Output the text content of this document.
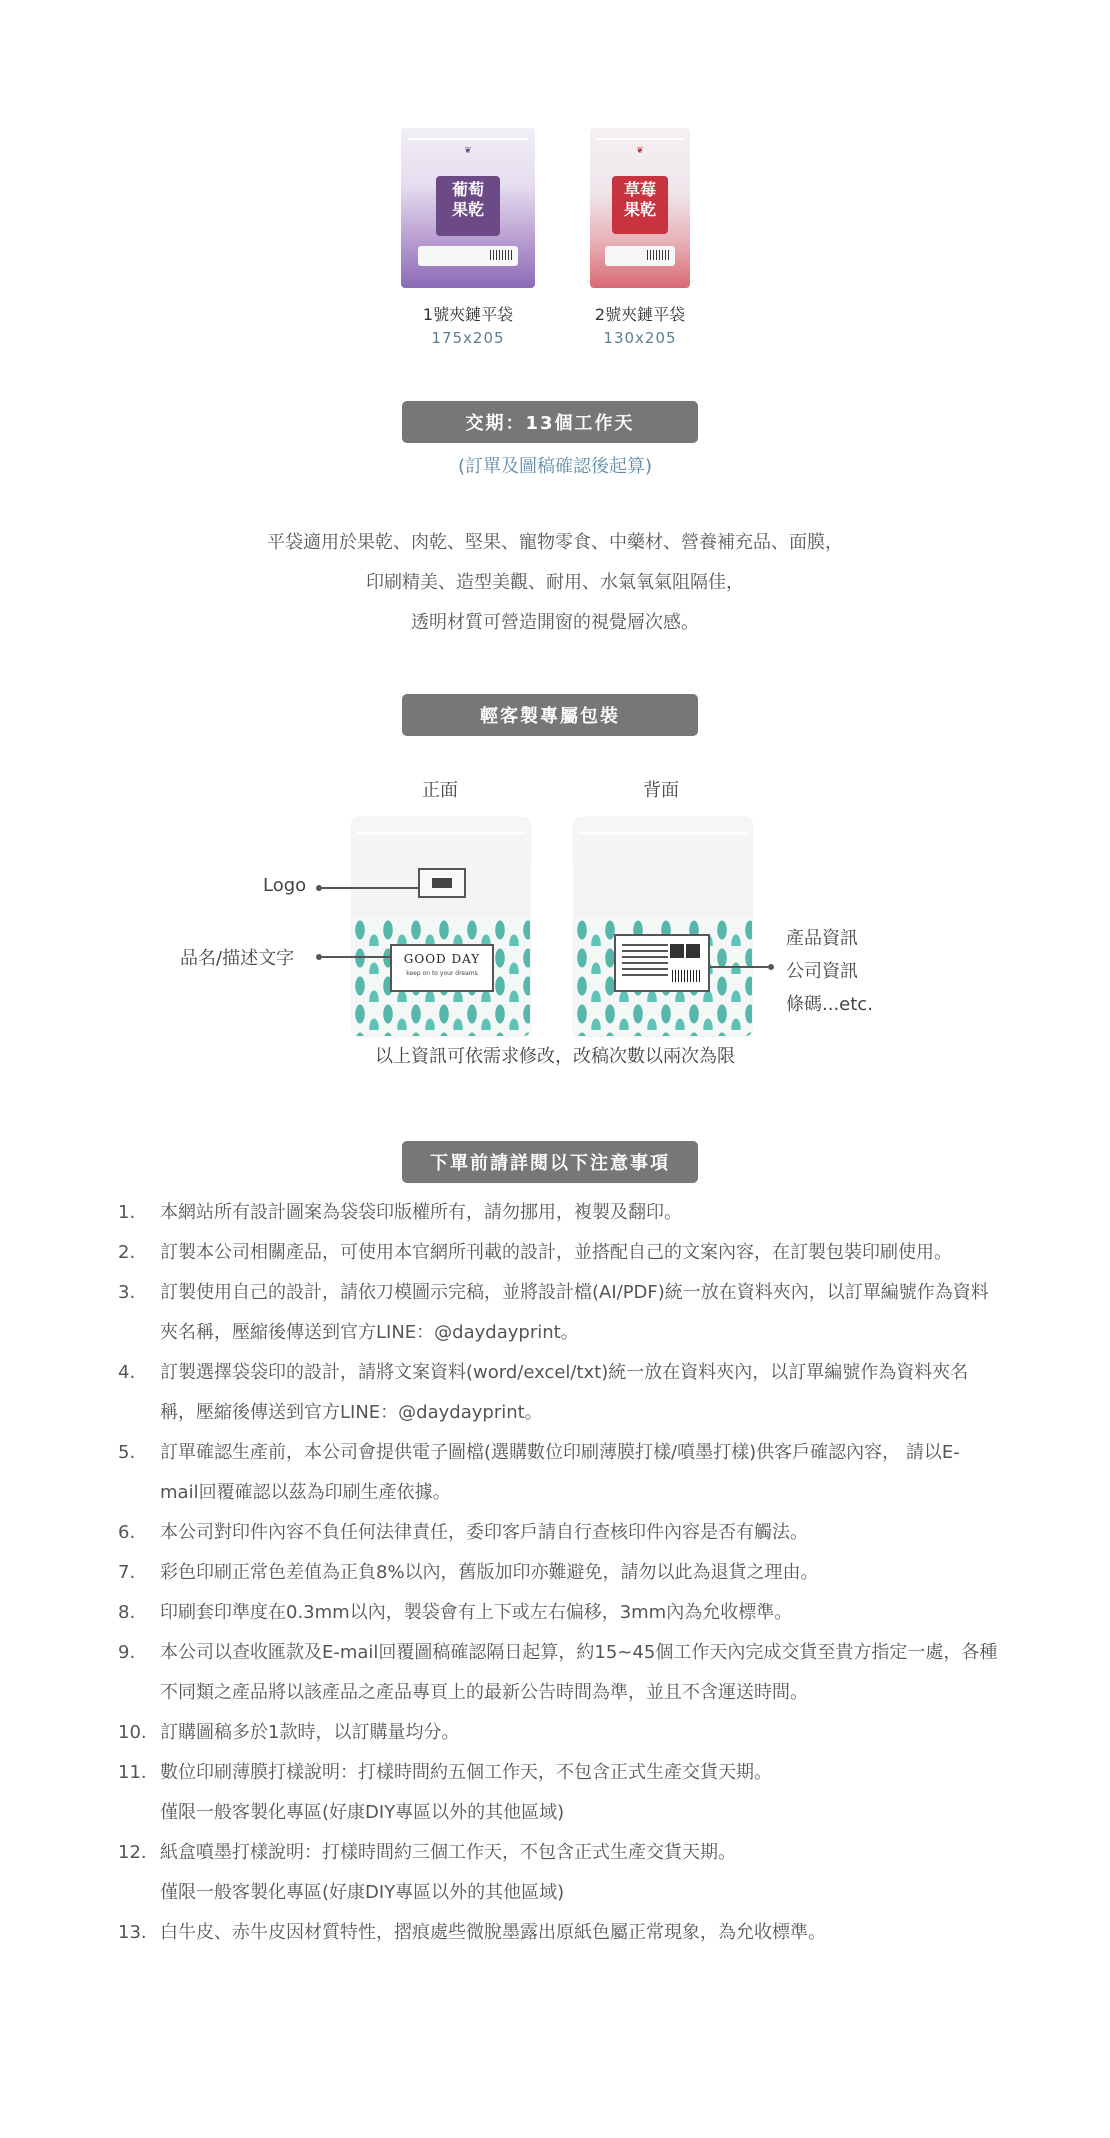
❦
葡萄
果乾
1號夾鏈平袋
175x205
❦
草莓
果乾
2號夾鏈平袋
130x205
交期：13個工作天
(訂單及圖稿確認後起算)
平袋適用於果乾、肉乾、堅果、寵物零食、中藥材、營養補充品、面膜，
印刷精美、造型美觀、耐用、水氣氧氣阻隔佳，
透明材質可營造開窗的視覺層次感。
輕客製專屬包裝
正面	背面
GOOD DAY
keep on to your dreams
Logo
品名/描述文字
產品資訊
公司資訊
條碼...etc.
以上資訊可依需求修改，改稿次數以兩次為限
下單前請詳閱以下注意事項
1. 本網站所有設計圖案為袋袋印版權所有，請勿挪用，複製及翻印。
2. 訂製本公司相關產品，可使用本官網所刊載的設計，並搭配自己的文案內容，在訂製包裝印刷使用。
3. 訂製使用自己的設計，請依刀模圖示完稿，並將設計檔(AI/PDF)統一放在資料夾內，以訂單編號作為資料夾名稱，壓縮後傳送到官方LINE：@daydayprint。
4. 訂製選擇袋袋印的設計，請將文案資料(word/excel/txt)統一放在資料夾內，以訂單編號作為資料夾名稱，壓縮後傳送到官方LINE：@daydayprint。
5. 訂單確認生產前，本公司會提供電子圖檔(選購數位印刷薄膜打樣/噴墨打樣)供客戶確認內容， 請以E-mail回覆確認以茲為印刷生產依據。
6. 本公司對印件內容不負任何法律責任，委印客戶請自行查核印件內容是否有觸法。
7. 彩色印刷正常色差值為正負8%以內，舊版加印亦難避免，請勿以此為退貨之理由。
8. 印刷套印準度在0.3mm以內，製袋會有上下或左右偏移，3mm內為允收標準。
9. 本公司以查收匯款及E-mail回覆圖稿確認隔日起算，約15~45個工作天內完成交貨至貴方指定一處，各種不同類之產品將以該產品之產品專頁上的最新公告時間為準，並且不含運送時間。
10. 訂購圖稿多於1款時，以訂購量均分。
11. 數位印刷薄膜打樣說明：打樣時間約五個工作天，不包含正式生產交貨天期。
僅限一般客製化專區(好康DIY專區以外的其他區域)
12. 紙盒噴墨打樣說明：打樣時間約三個工作天，不包含正式生產交貨天期。
僅限一般客製化專區(好康DIY專區以外的其他區域)
13. 白牛皮、赤牛皮因材質特性，摺痕處些微脫墨露出原紙色屬正常現象，為允收標準。
